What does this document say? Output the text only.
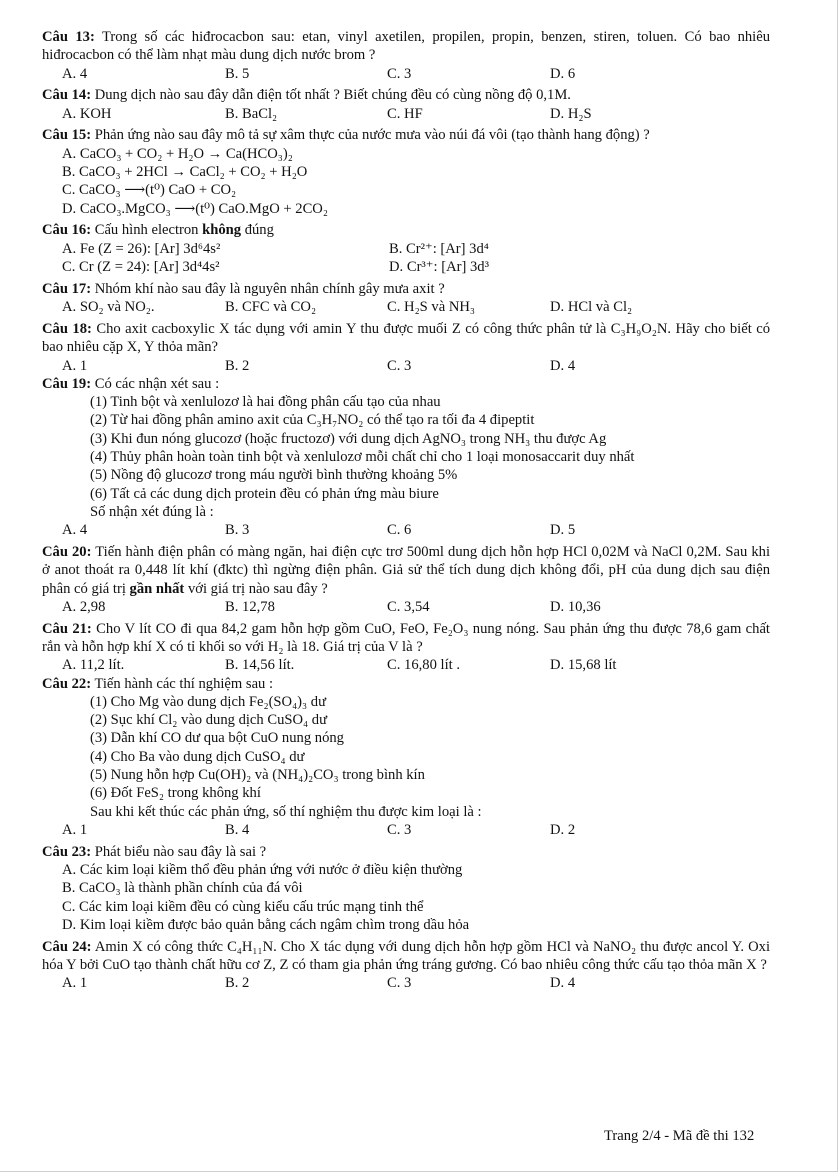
Câu 13: Trong số các hiđrocacbon sau: etan, vinyl axetilen, propilen, propin, benzen, stiren, toluen. Có bao nhiêu hiđrocacbon có thể làm nhạt màu dung dịch nước brom ?

A. 4	B. 5	C. 3	D. 6

Câu 14: Dung dịch nào sau đây dẫn điện tốt nhất ? Biết chúng đều có cùng nồng độ 0,1M.

A. KOH	B. BaCl₂	C. HF	D. H₂S

Câu 15: Phản ứng nào sau đây mô tả sự xâm thực của nước mưa vào núi đá vôi (tạo thành hang động) ?

A. CaCO₃ + CO₂ + H₂O → Ca(HCO₃)₂

B. CaCO₃ + 2HCl → CaCl₂ + CO₂ + H₂O

C. CaCO₃ ⟶(t⁰) CaO + CO₂

D. CaCO₃.MgCO₃ ⟶(t⁰) CaO.MgO + 2CO₂

Câu 16: Cấu hình electron không đúng

A. Fe (Z = 26): [Ar] 3d⁶4s²	B. Cr²⁺: [Ar] 3d⁴
C. Cr (Z = 24): [Ar] 3d⁴4s²	D. Cr³⁺: [Ar] 3d³

Câu 17: Nhóm khí nào sau đây là nguyên nhân chính gây mưa axit ?

A. SO₂ và NO₂.	B. CFC và CO₂	C. H₂S và NH₃	D. HCl và Cl₂

Câu 18: Cho axit cacboxylic X tác dụng với amin Y thu được muối Z có công thức phân tử là C₃H₉O₂N. Hãy cho biết có bao nhiêu cặp X, Y thỏa mãn?

A. 1	B. 2	C. 3	D. 4

Câu 19: Có các nhận xét sau :

(1) Tinh bột và xenlulozơ là hai đồng phân cấu tạo của nhau

(2) Từ hai đồng phân amino axit của C₃H₇NO₂ có thể tạo ra tối đa 4 đipeptit

(3) Khi đun nóng glucozơ (hoặc fructozơ) với dung dịch AgNO₃ trong NH₃ thu được Ag

(4) Thủy phân hoàn toàn tinh bột và xenlulozơ mỗi chất chỉ cho 1 loại monosaccarit duy nhất

(5) Nồng độ glucozơ trong máu người bình thường khoảng 5%

(6) Tất cả các dung dịch protein đều có phản ứng màu biure

Số nhận xét đúng là :

A. 4	B. 3	C. 6	D. 5

Câu 20: Tiến hành điện phân có màng ngăn, hai điện cực trơ 500ml dung dịch hỗn hợp HCl 0,02M và NaCl 0,2M. Sau khi ở anot thoát ra 0,448 lít khí (đktc) thì ngừng điện phân. Giả sử thể tích dung dịch không đổi, pH của dung dịch sau điện phân có giá trị gần nhất với giá trị nào sau đây ?

A. 2,98	B. 12,78	C. 3,54	D. 10,36

Câu 21: Cho V lít CO đi qua 84,2 gam hỗn hợp gồm CuO, FeO, Fe₂O₃ nung nóng. Sau phản ứng thu được 78,6 gam chất rắn và hỗn hợp khí X có tỉ khối so với H₂ là 18. Giá trị của V là ?

A. 11,2 lít.	B. 14,56 lít.	C. 16,80 lít .	D. 15,68 lít

Câu 22: Tiến hành các thí nghiệm sau :

(1) Cho Mg vào dung dịch Fe₂(SO₄)₃ dư

(2) Sục khí Cl₂ vào dung dịch CuSO₄ dư

(3) Dẫn khí CO dư qua bột CuO nung nóng

(4) Cho Ba vào dung dịch CuSO₄ dư

(5) Nung hỗn hợp Cu(OH)₂ và (NH₄)₂CO₃ trong bình kín

(6) Đốt FeS₂ trong không khí

Sau khi kết thúc các phản ứng, số thí nghiệm thu được kim loại là :

A. 1	B. 4	C. 3	D. 2

Câu 23: Phát biểu nào sau đây là sai ?

A. Các kim loại kiềm thổ đều phản ứng với nước ở điều kiện thường

B. CaCO₃ là thành phần chính của đá vôi

C. Các kim loại kiềm đều có cùng kiểu cấu trúc mạng tinh thể

D. Kim loại kiềm được bảo quản bằng cách ngâm chìm trong dầu hỏa

Câu 24: Amin X có công thức C₄H₁₁N. Cho X tác dụng với dung dịch hỗn hợp gồm HCl và NaNO₂ thu được ancol Y. Oxi hóa Y bởi CuO tạo thành chất hữu cơ Z, Z có tham gia phản ứng tráng gương. Có bao nhiêu công thức cấu tạo thỏa mãn X ?

A. 1	B. 2	C. 3	D. 4
Trang 2/4 - Mã đề thi 132
